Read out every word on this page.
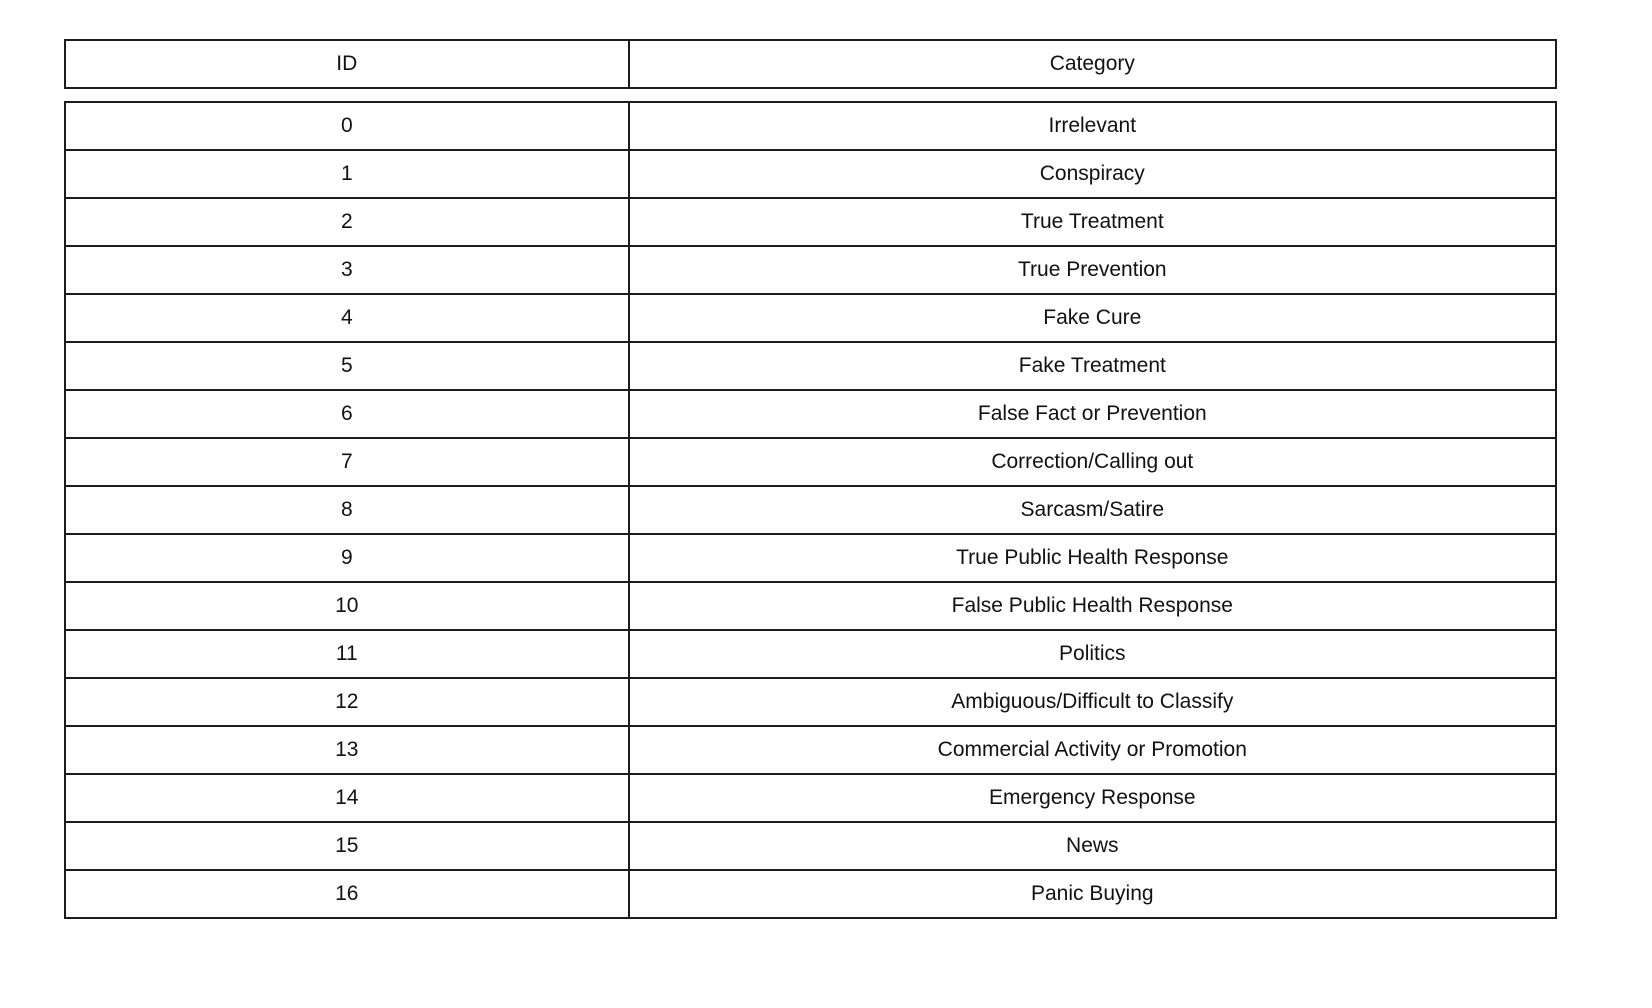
ID	Category
0	Irrelevant
1	Conspiracy
2	True Treatment
3	True Prevention
4	Fake Cure
5	Fake Treatment
6	False Fact or Prevention
7	Correction/Calling out
8	Sarcasm/Satire
9	True Public Health Response
10	False Public Health Response
11	Politics
12	Ambiguous/Difficult to Classify
13	Commercial Activity or Promotion
14	Emergency Response
15	News
16	Panic Buying
